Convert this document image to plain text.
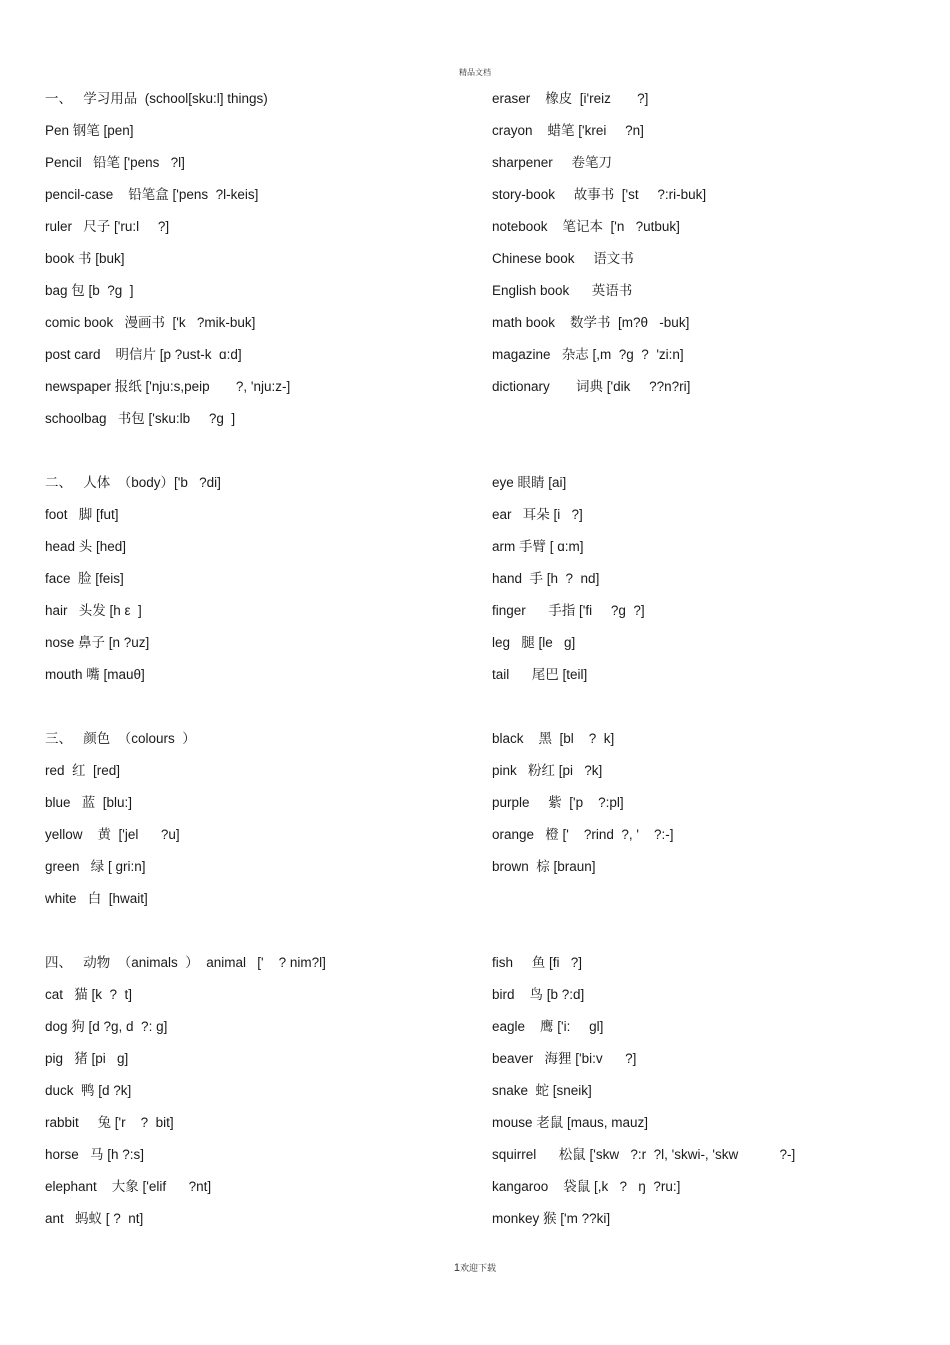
精品文档
一、   学习用品  (school[sku:l] things)
Pen 钢笔 [pen]
Pencil   铅笔 ['pens   ?l]
pencil-case    铅笔盒 ['pens  ?l-keis]
ruler   尺子 ['ru:l     ?]
book 书 [buk]
bag 包 [b  ?ɡ  ]
comic book   漫画书  ['k   ?mik-buk]
post card    明信片 [p ?ust-k  ɑ:d]
newspaper 报纸 ['nju:s,peip       ?, 'nju:z-]
schoolbag   书包 ['sku:lb     ?ɡ  ]
二、   人体  （body）['b   ?di]
foot   脚 [fut]
head 头 [hed]
face  脸 [feis]
hair   头发 [h ε  ]
nose 鼻子 [n ?uz]
mouth 嘴 [mauθ]
三、   颜色  （colours  ）
red  红  [red]
blue   蓝  [blu:]
yellow    黄  ['jel      ?u]
green   绿 [ ɡri:n]
white   白  [hwait]
四、   动物  （animals  ）  animal   ['    ? nim?l]
cat   猫 [k  ?  t]
dog 狗 [d ?ɡ, d  ?: ɡ]
pig   猪 [pi   ɡ]
duck  鸭 [d ?k]
rabbit     兔 ['r    ?  bit]
horse   马 [h ?:s]
elephant    大象 ['elif      ?nt]
ant   蚂蚁 [ ?  nt]
eraser    橡皮  [i'reiz       ?]
crayon    蜡笔 ['krei     ?n]
sharpener     卷笔刀
story-book     故事书  ['st     ?:ri-buk]
notebook    笔记本  ['n   ?utbuk]
Chinese book     语文书
English book      英语书
math book    数学书  [m?θ   -buk]
magazine   杂志 [,m  ?ɡ  ?  'zi:n]
dictionary       词典 ['dik     ??n?ri]
eye 眼睛 [ai]
ear   耳朵 [i   ?]
arm 手臂 [ ɑ:m]
hand  手 [h  ?  nd]
finger      手指 ['fi     ?ɡ  ?]
leg   腿 [le   ɡ]
tail      尾巴 [teil]
black    黑  [bl    ?  k]
pink   粉红 [pi   ?k]
purple     紫  ['p    ?:pl]
orange   橙 ['    ?rind  ?, '    ?:-]
brown  棕 [braun]
fish     鱼 [fi   ?]
bird    鸟 [b ?:d]
eagle    鹰 ['i:     ɡl]
beaver   海狸 ['bi:v      ?]
snake  蛇 [sneik]
mouse 老鼠 [maus, mauz]
squirrel      松鼠 ['skw   ?:r  ?l, 'skwi-, 'skw           ?-]
kangaroo    袋鼠 [,k   ?   ŋ  ?ru:]
monkey 猴 ['m ??ki]
1欢迎下载
